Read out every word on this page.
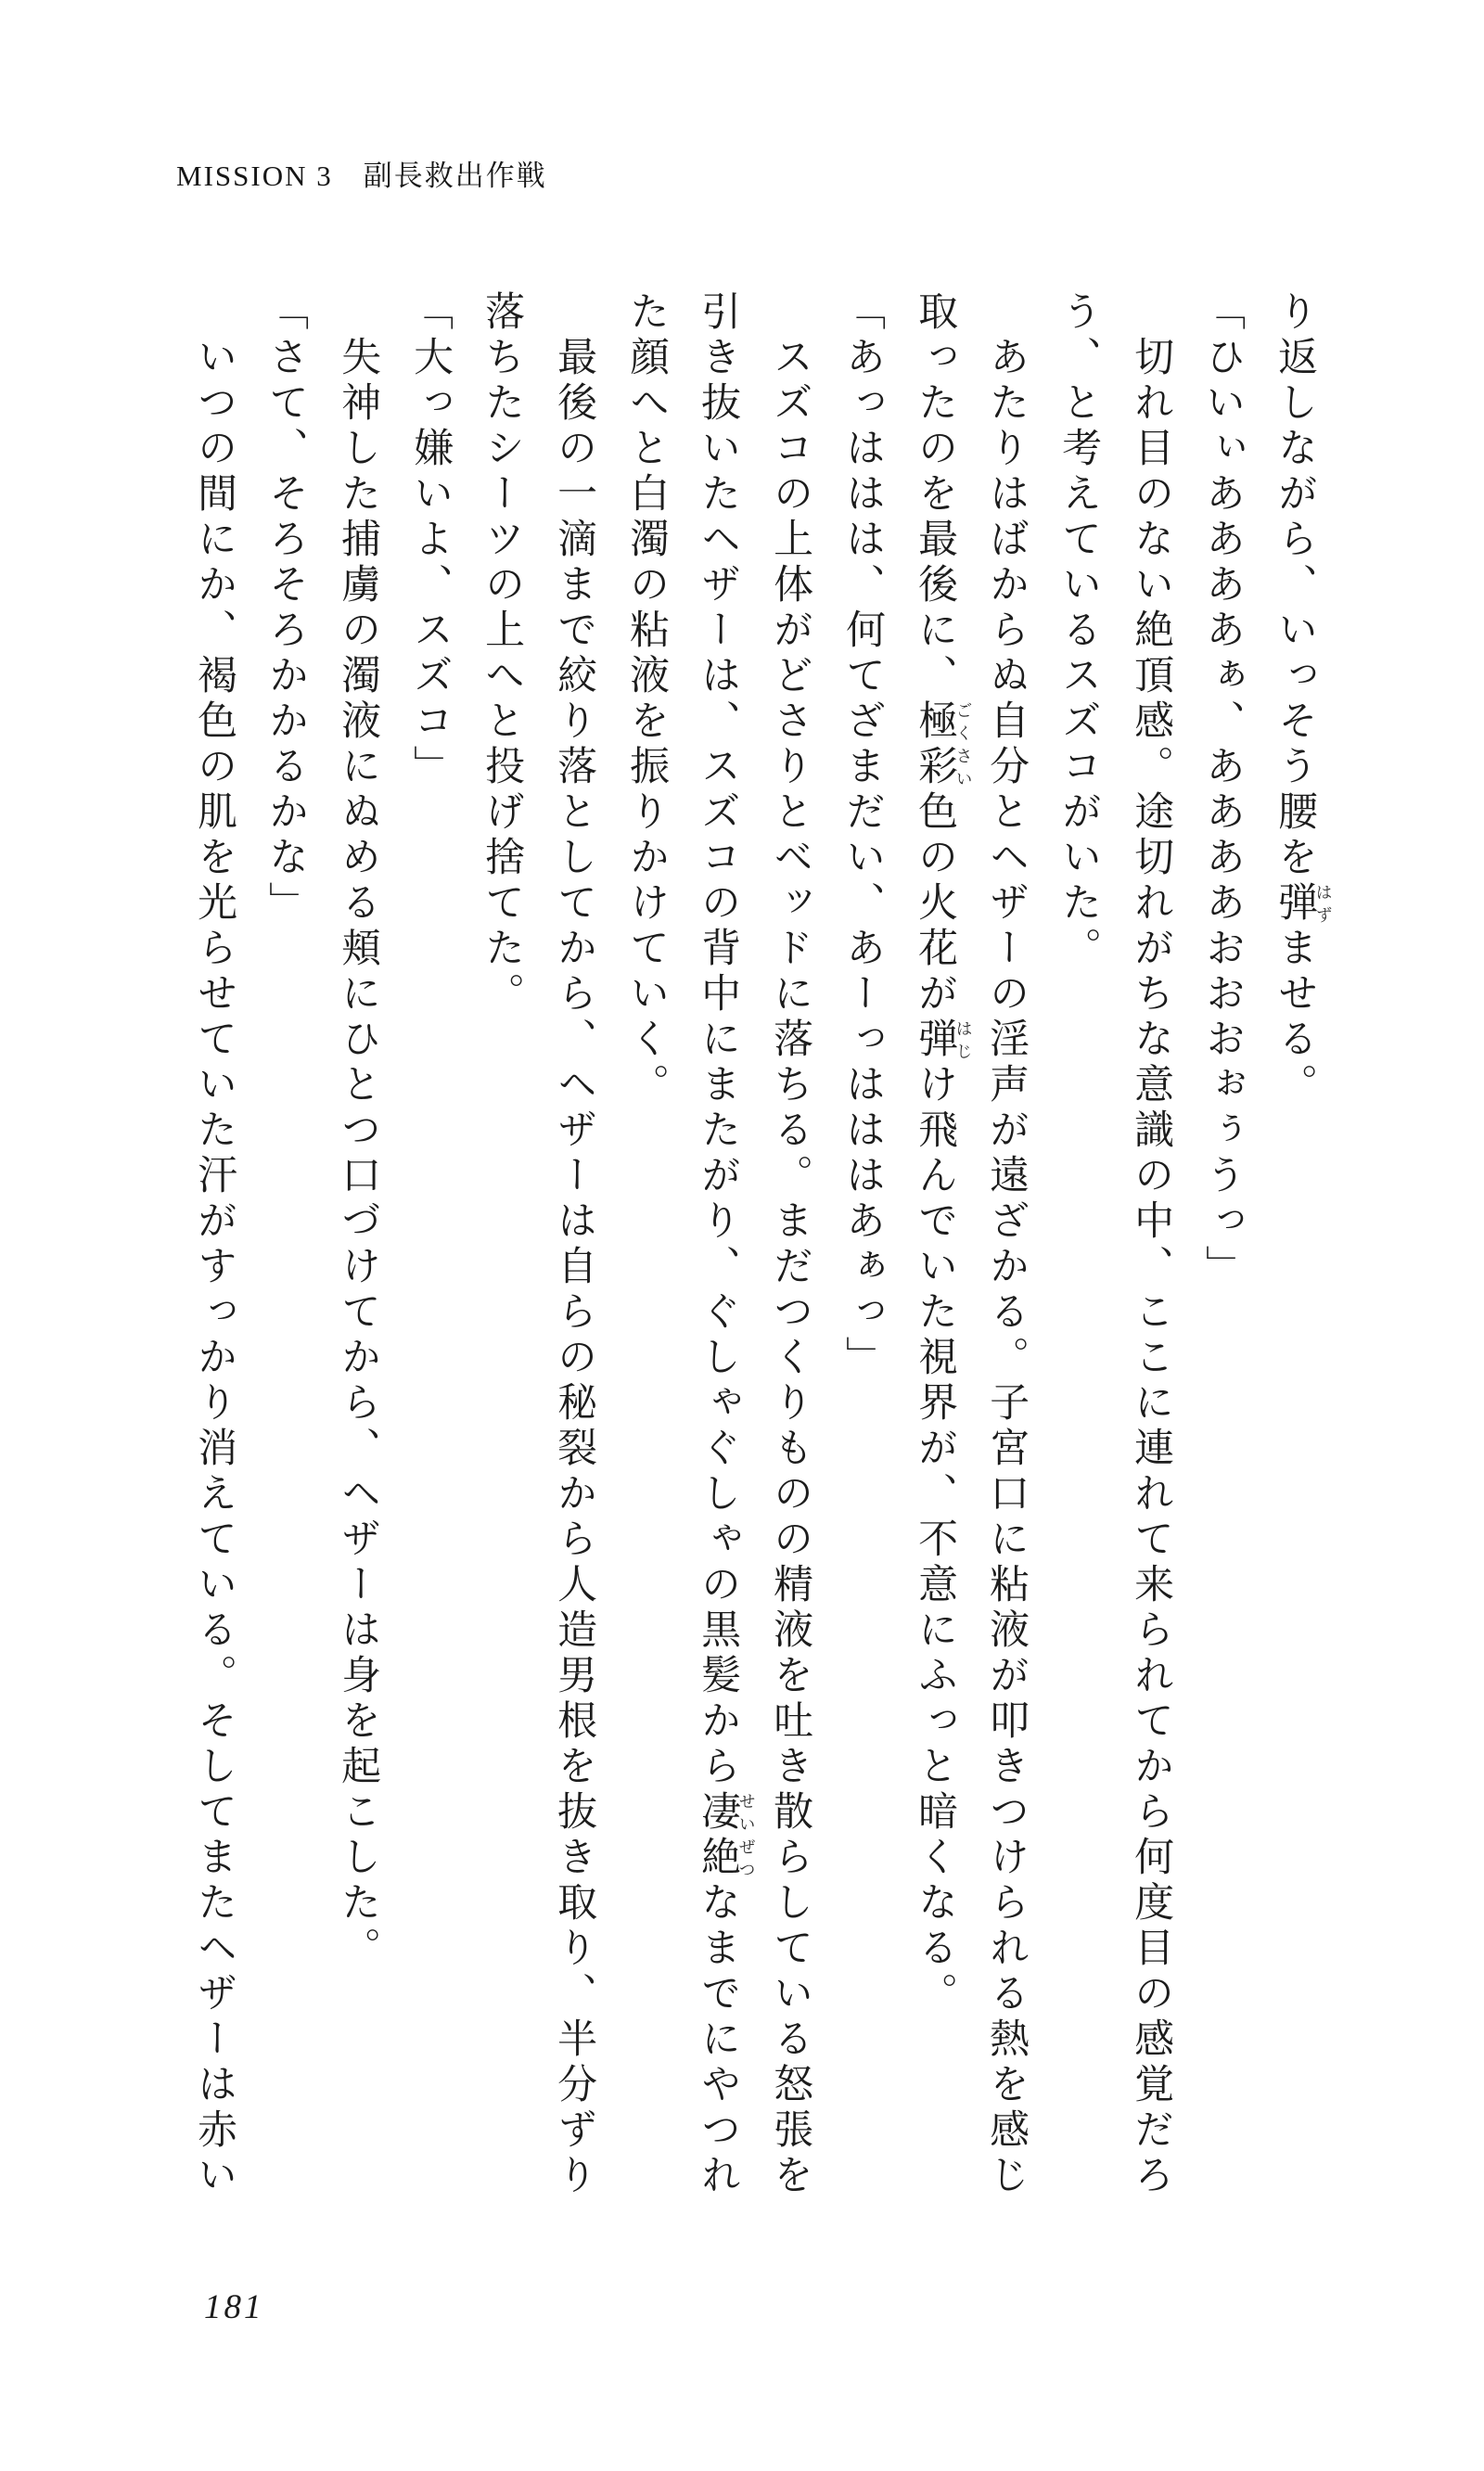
MISSION 3　副長救出作戦
り返しながら、いっそう腰を弾はずませる。
「ひいぃああああぁ、ああああおおおぉぅうっ」
切れ目のない絶頂感。途切れがちな意識の中、ここに連れて来られてから何度目の感覚だろ
う、と考えているスズコがいた。
あたりはばからぬ自分とヘザーの淫声が遠ざかる。子宮口に粘液が叩きつけられる熱を感じ
取ったのを最後に、極彩ごくさい色の火花が弾はじけ飛んでいた視界が、不意にふっと暗くなる。
「あっははは、何てざまだい、あーっはははあぁっ」
スズコの上体がどさりとベッドに落ちる。まだつくりものの精液を吐き散らしている怒張を
引き抜いたヘザーは、スズコの背中にまたがり、ぐしゃぐしゃの黒髪から凄絶せいぜつなまでにやつれ
た顔へと白濁の粘液を振りかけていく。
最後の一滴まで絞り落としてから、ヘザーは自らの秘裂から人造男根を抜き取り、半分ずり
落ちたシーツの上へと投げ捨てた。
「大っ嫌いよ、スズコ」
失神した捕虜の濁液にぬめる頬にひとつ口づけてから、ヘザーは身を起こした。
「さて、そろそろかかるかな」
いつの間にか、褐色の肌を光らせていた汗がすっかり消えている。そしてまたヘザーは赤い
181
